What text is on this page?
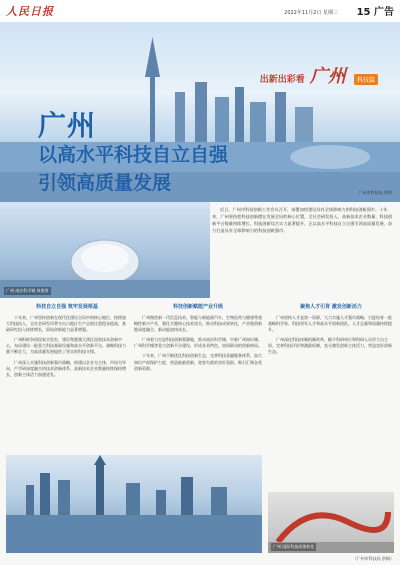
人民日报	2022年11月2日 星期三 15 广告
出新出彩看 广州 科技篇
广州
以高水平科技自立自强
引领高质量发展	广州市科技局 供图
广州 南沙科学城 效果图
近日，广州市科技创新工作会议召开，部署加快建设具有全球影响力的科技创新强市。十年来，广州坚持把科技创新摆在发展全局的核心位置，全社会研发投入、高新技术企业数量、科技创新平台数量持续增长，科技创新综合实力显著提升，正以高水平科技自立自强引领高质量发展，奋力打造具有全球影响力的科技创新强市。
科技自立自强 筑牢发展根基

十年来，广州坚持创新在现代化建设全局中的核心地位，持续加大科技投入，全社会研发经费支出占地区生产总值比重稳步提高，基础研究投入持续增长，原始创新能力显著增强。

广州积极争创国家实验室，建设粤港澳大湾区国家技术创新中心，布局建设一批重大科技基础设施和高水平创新平台，战略科技力量不断壮大，为高质量发展提供了坚实的科技支撑。

广州深入实施科技创新强市战略，构建以企业为主体、市场为导向、产学研深度融合的技术创新体系，高新技术企业数量持续保持增长，创新主体活力加速迸发。

科技创新赋能产业升级

广州聚焦新一代信息技术、智能与新能源汽车、生物医药与健康等战略性新兴产业，强化关键核心技术攻关，推动科技成果转化，产业链创新链深度融合，新动能加快成长。

广州着力打造科技创新策源地，推动南沙科学城、中新广州知识城、广州科学城等重大创新平台建设，形成各具特色、协同联动的创新格局。

十年来，广州不断优化科技创新生态，完善科技金融服务体系，加大知识产权保护力度，营造鼓励创新、宽容失败的良好氛围，吸引汇聚各类创新资源。

聚焦人才引育 激发创新活力

广州坚持人才是第一资源，大力实施人才强市战略，引进培育一批战略科学家、科技领军人才和高水平创新团队，人才总量和质量持续提升。

广州深化科技体制机制改革，赋予科研单位和科研人员更大自主权，完善科技评价和激励机制，充分激发创新主体活力，营造良好创新生态。

广州 国际科技成果转化
（广州市科技局 供稿）
